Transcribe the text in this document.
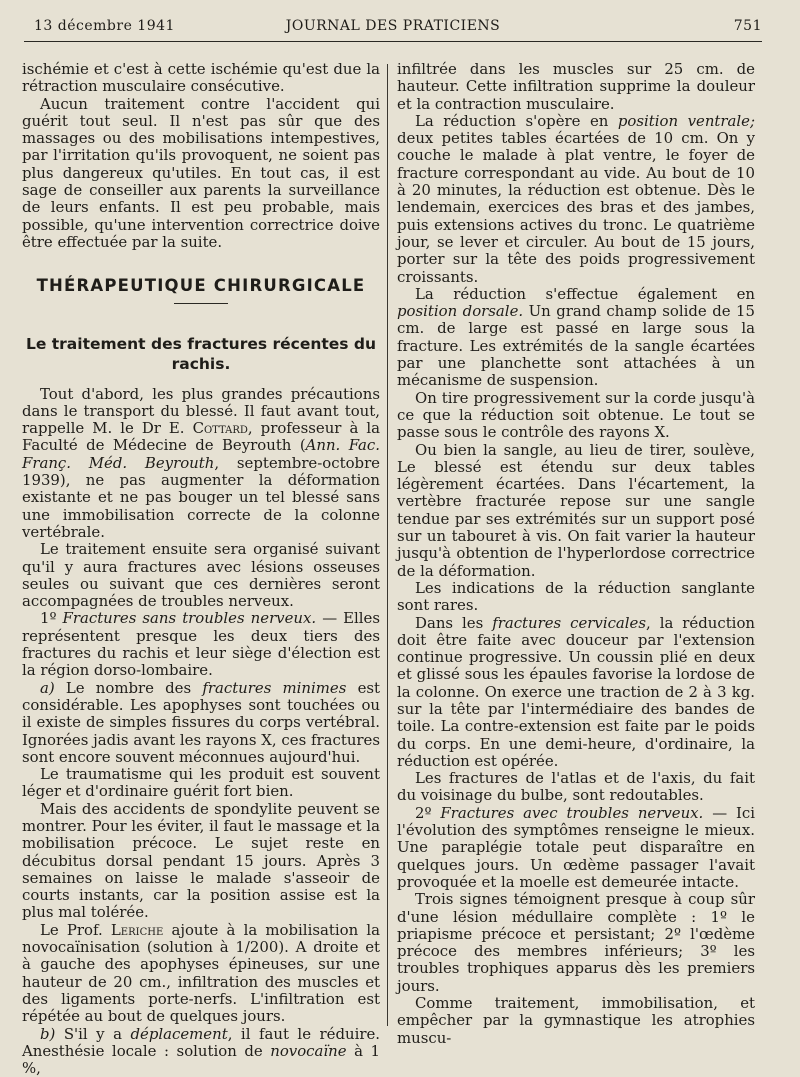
13 décembre 1941	JOURNAL DES PRATICIENS	751

ischémie et c'est à cette ischémie qu'est due la rétraction musculaire consécutive.

Aucun traitement contre l'accident qui guérit tout seul. Il n'est pas sûr que des massages ou des mobilisations intempestives, par l'irritation qu'ils provoquent, ne soient pas plus dangereux qu'utiles. En tout cas, il est sage de conseiller aux parents la surveillance de leurs enfants. Il est peu probable, mais possible, qu'une intervention correctrice doive être effectuée par la suite.

THÉRAPEUTIQUE CHIRURGICALE
Le traitement des fractures récentes du rachis.

Tout d'abord, les plus grandes précautions dans le transport du blessé. Il faut avant tout, rappelle M. le Dr E. Cottard, professeur à la Faculté de Médecine de Beyrouth (Ann. Fac. Franç. Méd. Beyrouth, septembre-octobre 1939), ne pas augmenter la déformation existante et ne pas bouger un tel blessé sans une immobilisation correcte de la colonne vertébrale.

Le traitement ensuite sera organisé suivant qu'il y aura fractures avec lésions osseuses seules ou suivant que ces dernières seront accompagnées de troubles nerveux.

1º Fractures sans troubles nerveux. — Elles représentent presque les deux tiers des fractures du rachis et leur siège d'élection est la région dorso-lombaire.

a) Le nombre des fractures minimes est considérable. Les apophyses sont touchées ou il existe de simples fissures du corps vertébral. Ignorées jadis avant les rayons X, ces fractures sont encore souvent méconnues aujourd'hui.

Le traumatisme qui les produit est souvent léger et d'ordinaire guérit fort bien.

Mais des accidents de spondylite peuvent se montrer. Pour les éviter, il faut le massage et la mobilisation précoce. Le sujet reste en décubitus dorsal pendant 15 jours. Après 3 semaines on laisse le malade s'asseoir de courts instants, car la position assise est la plus mal tolérée.

Le Prof. Leriche ajoute à la mobilisation la novocaïnisation (solution à 1/200). A droite et à gauche des apophyses épineuses, sur une hauteur de 20 cm., infiltration des muscles et des ligaments porte-nerfs. L'infiltration est répétée au bout de quelques jours.

b) S'il y a déplacement, il faut le réduire. Anesthésie locale : solution de novocaïne à 1 %,

infiltrée dans les muscles sur 25 cm. de hauteur. Cette infiltration supprime la douleur et la contraction musculaire.

La réduction s'opère en position ventrale; deux petites tables écartées de 10 cm. On y couche le malade à plat ventre, le foyer de fracture correspondant au vide. Au bout de 10 à 20 minutes, la réduction est obtenue. Dès le lendemain, exercices des bras et des jambes, puis extensions actives du tronc. Le quatrième jour, se lever et circuler. Au bout de 15 jours, porter sur la tête des poids progressivement croissants.

La réduction s'effectue également en position dorsale. Un grand champ solide de 15 cm. de large est passé en large sous la fracture. Les extrémités de la sangle écartées par une planchette sont attachées à un mécanisme de suspension.

On tire progressivement sur la corde jusqu'à ce que la réduction soit obtenue. Le tout se passe sous le contrôle des rayons X.

Ou bien la sangle, au lieu de tirer, soulève, Le blessé est étendu sur deux tables légèrement écartées. Dans l'écartement, la vertèbre fracturée repose sur une sangle tendue par ses extrémités sur un support posé sur un tabouret à vis. On fait varier la hauteur jusqu'à obtention de l'hyperlordose correctrice de la déformation.

Les indications de la réduction sanglante sont rares.

Dans les fractures cervicales, la réduction doit être faite avec douceur par l'extension continue progressive. Un coussin plié en deux et glissé sous les épaules favorise la lordose de la colonne. On exerce une traction de 2 à 3 kg. sur la tête par l'intermédiaire des bandes de toile. La contre-extension est faite par le poids du corps. En une demi-heure, d'ordinaire, la réduction est opérée.

Les fractures de l'atlas et de l'axis, du fait du voisinage du bulbe, sont redoutables.

2º Fractures avec troubles nerveux. — Ici l'évolution des symptômes renseigne le mieux. Une paraplégie totale peut disparaître en quelques jours. Un œdème passager l'avait provoquée et la moelle est demeurée intacte.

Trois signes témoignent presque à coup sûr d'une lésion médullaire complète : 1º le priapisme précoce et persistant; 2º l'œdème précoce des membres inférieurs; 3º les troubles trophiques apparus dès les premiers jours.

Comme traitement, immobilisation, et empêcher par la gymnastique les atrophies muscu-
